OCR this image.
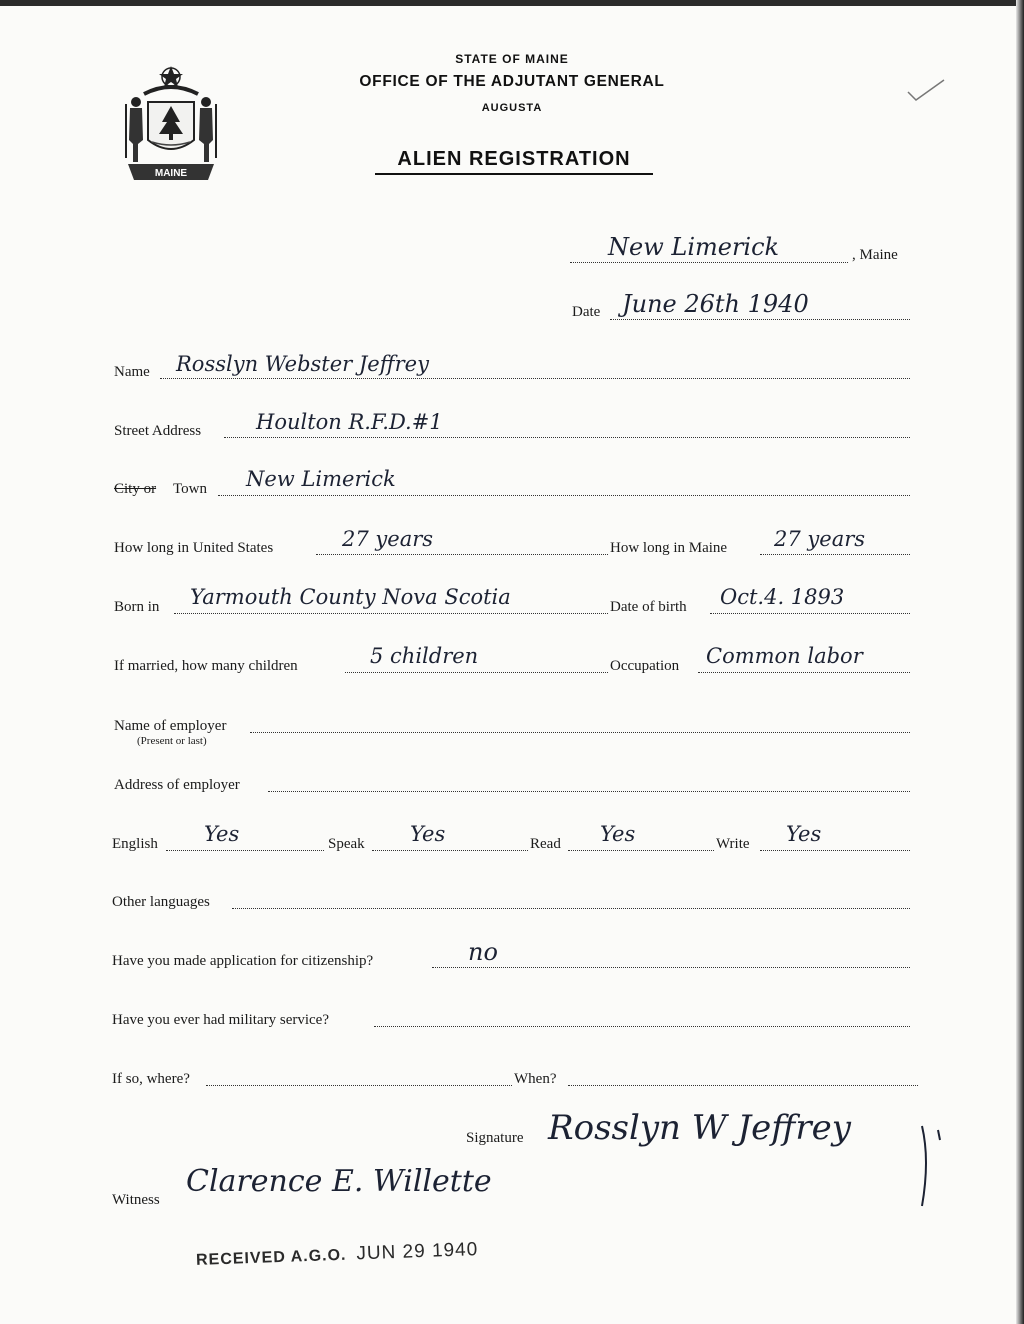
MAINE
STATE OF MAINE
OFFICE OF THE ADJUTANT GENERAL
AUGUSTA
ALIEN REGISTRATION
New Limerick	, Maine
Date June 26th 1940
Name Rosslyn Webster Jeffrey
Street Address	Houlton R.F.D.#1
City or Town New Limerick
How long in United States	27 years	How long in Maine 27 years
Born in Yarmouth County Nova Scotia	Date of birth Oct.4. 1893
If married, how many children	5 children	Occupation Common labor
Name of employer
(Present or last)
Address of employer
English Yes	Speak Yes	Read Yes	Write Yes
Other languages
Have you made application for citizenship?	no
Have you ever had military service?
If so, where?	When?
Signature Rosslyn W Jeffrey
Witness
Clarence E. Willette
RECEIVED A.G.O. JUN 29 1940
